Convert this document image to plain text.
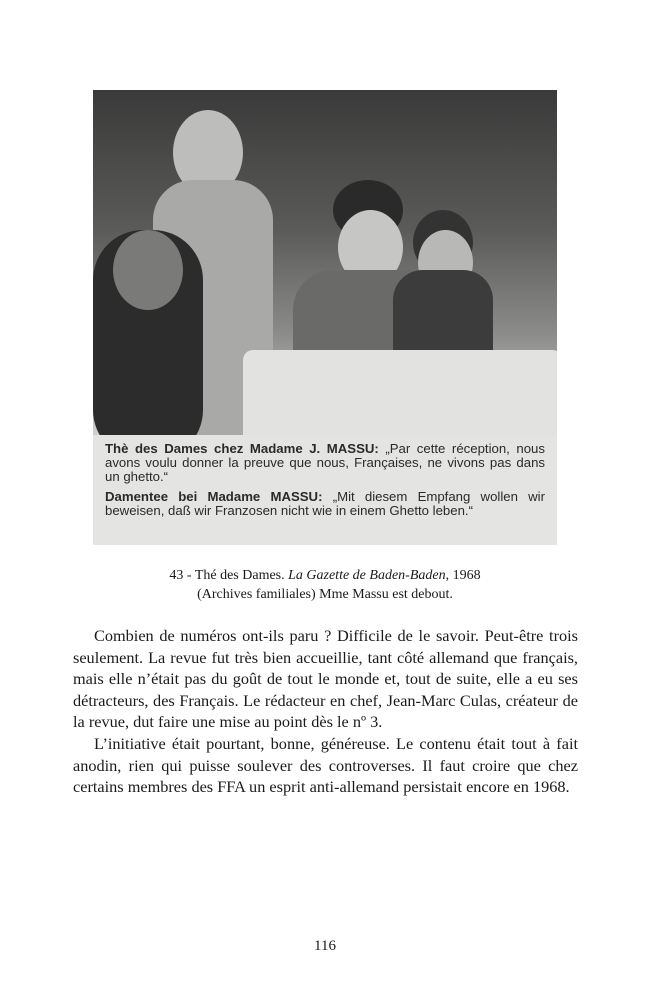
Thè des Dames chez Madame J. MASSU: „Par cette réception, nous avons voulu donner la preuve que nous, Françaises, ne vivons pas dans un ghetto.“

Damentee bei Madame MASSU: „Mit diesem Empfang wollen wir beweisen, daß wir Franzosen nicht wie in einem Ghetto leben.“

43 - Thé des Dames. La Gazette de Baden-Baden, 1968
(Archives familiales) Mme Massu est debout.

Combien de numéros ont-ils paru ? Difficile de le savoir. Peut-être trois seulement. La revue fut très bien accueillie, tant côté allemand que français, mais elle n’était pas du goût de tout le monde et, tout de suite, elle a eu ses détracteurs, des Français. Le rédacteur en chef, Jean-Marc Culas, créateur de la revue, dut faire une mise au point dès le nº 3.

L’initiative était pourtant, bonne, généreuse. Le contenu était tout à fait anodin, rien qui puisse soulever des controverses. Il faut croire que chez certains membres des FFA un esprit anti-allemand persistait encore en 1968.

116
